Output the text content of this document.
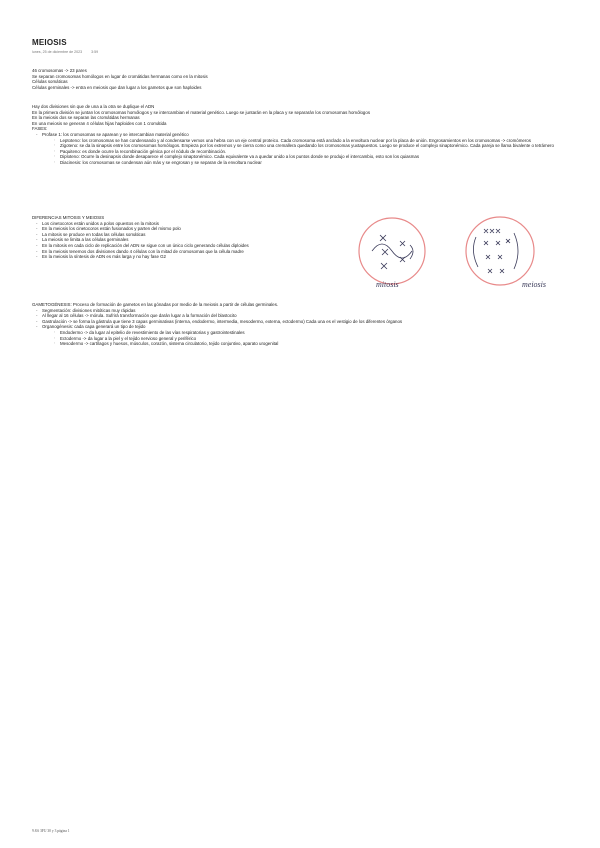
MEIOSIS
lunes, 25 de diciembre de 2023	3:59

46 cromosomas -> 23 pares

Se separan cromosomas homólogos en lugar de cromátidas hermanas como en la mitosis

Células somáticas

Células germinales -> entra en meiosis que dan lugar a los gametos que son haploides

Hay dos divisiones sin que de una a la otra se duplique el ADN

En la primera división se juntan los cromosomas homólogos y se intercambian el material genético. Luego se juntarán en la placa y se separarán los cromosomas homólogos

En la meiosis dos se separan las cromátidas hermanas

En una meiosis se generan 4 células hijas haploides con 1 cromátida

FASES:

- Profase 1: los cromosomas se aparean y se intercambian material genético
◦ Leptoteno: los cromosomas se han condensando y al condensarse vemos una hebra con un eje central proteico. Cada cromosoma está anclado a la envoltura nuclear por la placa de unión. Engrosamientos en los cromosomas -> cromómeros
◦ Zigoteno: se da la sinapsis entre los cromosomas homólogos. Empieza por los extremos y se cierra como una cremallera quedando los cromosomas yuxtapuestos. Luego se produce el complejo sinaptonémico. Cada pareja se llama bivalente o tetrámero
◦ Paquiteno: es donde ocurre la recombinación génica por el nódulo de recombinación.
◦ Diploteno: Ocurre la desinapsis donde desaparece el complejo sinaptonémico. Cada equivalente va a quedar unido a los puntos donde se produjo el intercambio, esto son los quiasmas
◦ Diacinesis: los cromosomas se condensan aún más y se engrosan y se separan de la envoltura nuclear

DIFERENCIAS MITOSIS Y MEIOSIS

- Los cinetocoros están unidos a polos opuestos en la mitosis
- En la meiosis los cinetocoros están fusionados y parten del mismo polo
- La mitosis se produce en todas las células somáticas
- La meiosis se limita a las células germinales
- En la mitosis en cada ciclo de replicación del ADN se sigue con un único ciclo generando células diploides
- En la meiosis tenemos dos divisiones dando 4 células con la mitad de cromosomas que la célula madre
- En la meiosis la síntesis de ADN es más larga y no hay fase G2
mitosis	meiosis

GAMETOGÉNESIS: Proceso de formación de gametos en las gónadas por medio de la meiosis a partir de células germinales.

- Segmentación: divisiones mitóticas muy rápidas
- Al llegar al 16 células -> mórula. Sufrirá transformación que darán lugar a la formación del blastocito
- Gastrulación -> se forma la gástrula que tiene 3 capas germinativas (interna, endodermo, intermedia, mesodermo, externa, ectodermo) Cada una es el vestigio de los diferentes órganos
- Organogénesis: cada capa generará un tipo de tejido
◦ Endodermo -> da lugar al epitelio de revestimiento de las vías respiratorias y gastrointestinales
◦ Ectodermo -> da lugar a la piel y el tejido nervioso general y periférico
◦ Mesodermo -> cartílagos y huesos, músculos, corazón, sistema circulatorio, tejido conjuntivo, aparato urogenital
9.8.6 3FU 30 y 3 página 1
